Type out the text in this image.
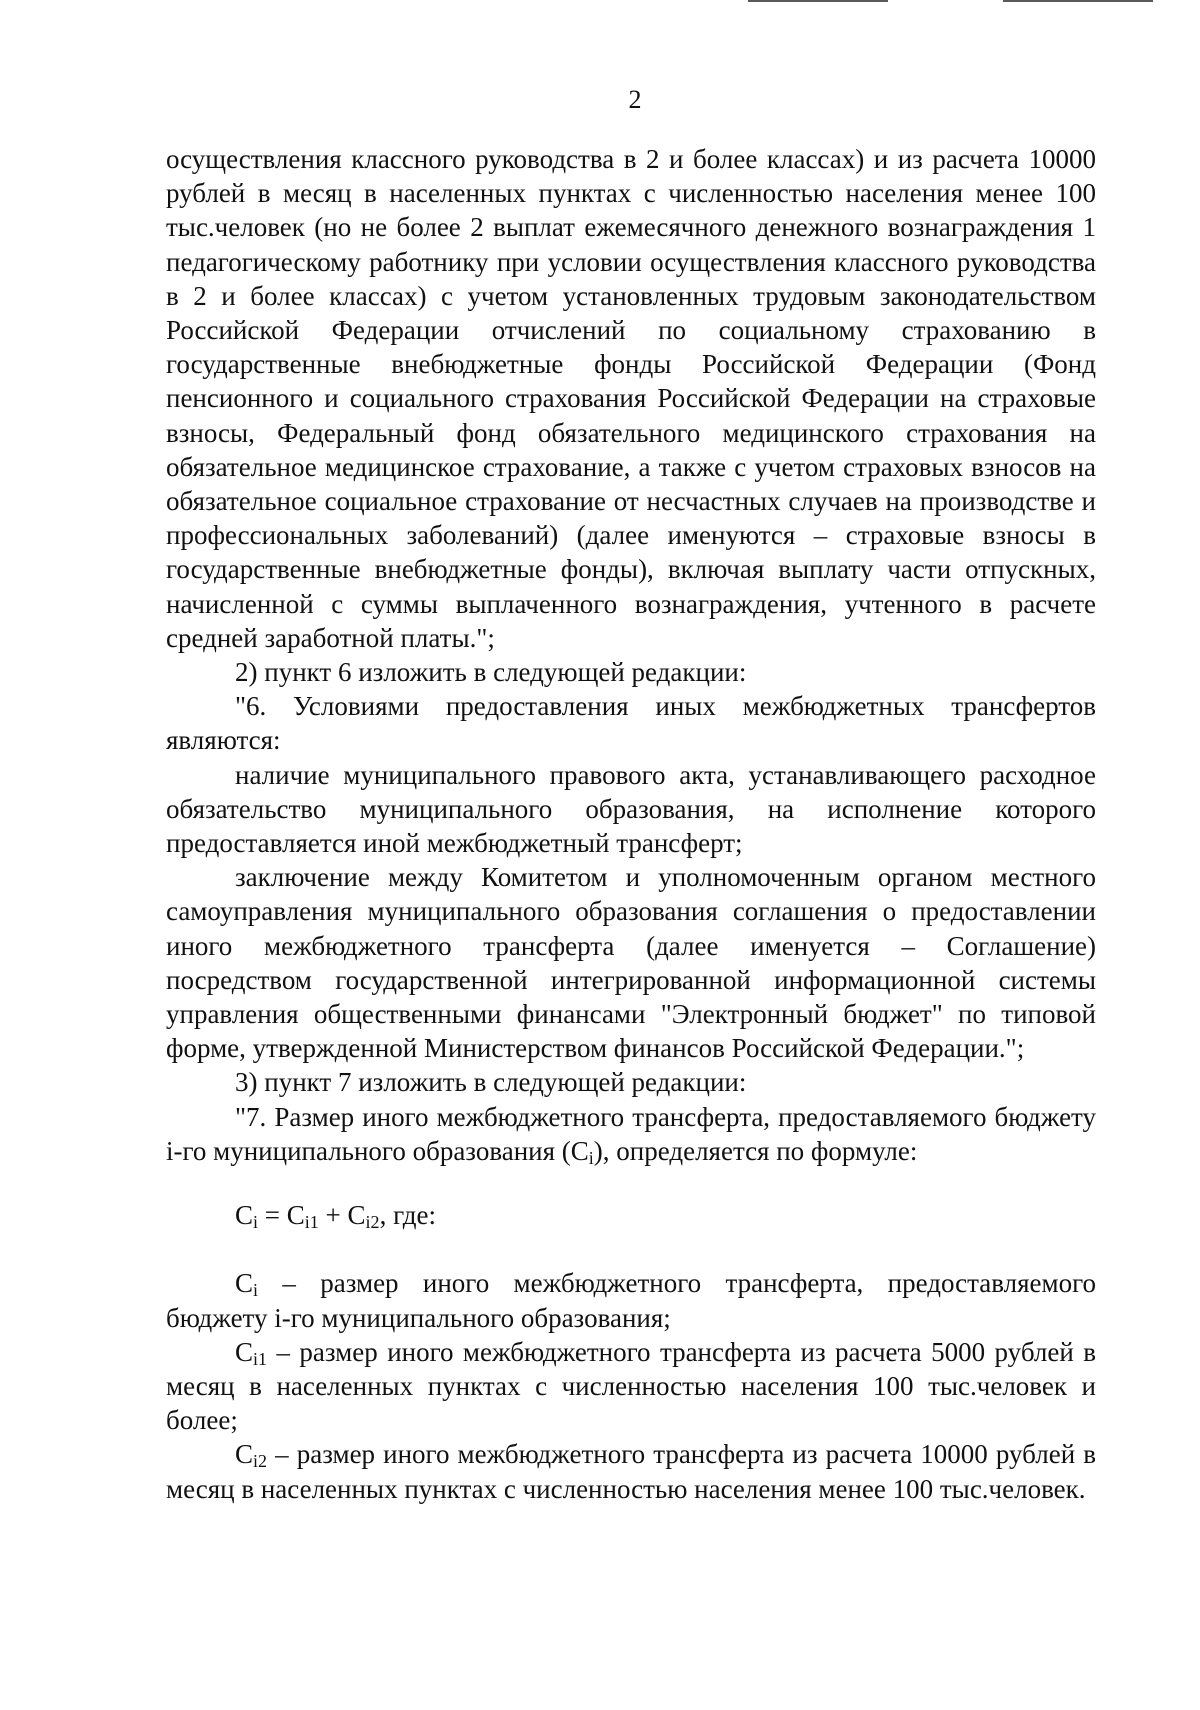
2

осуществления классного руководства в 2 и более классах) и из расчета 10000 рублей в месяц в населенных пунктах с численностью населения менее 100 тыс.человек (но не более 2 выплат ежемесячного денежного вознаграждения 1 педагогическому работнику при условии осуществления классного руководства в 2 и более классах) с учетом установленных трудовым законодательством Российской Федерации отчислений по социальному страхованию в государственные внебюджетные фонды Российской Федерации (Фонд пенсионного и социального страхования Российской Федерации на страховые взносы, Федеральный фонд обязательного медицинского страхования на обязательное медицинское страхование, а также с учетом страховых взносов на обязательное социальное страхование от несчастных случаев на производстве и профессиональных заболеваний) (далее именуются – страховые взносы в государственные внебюджетные фонды), включая выплату части отпускных, начисленной с суммы выплаченного вознаграждения, учтенного в расчете средней заработной платы.";

2) пункт 6 изложить в следующей редакции:

"6. Условиями предоставления иных межбюджетных трансфертов являются:

наличие муниципального правового акта, устанавливающего расходное обязательство муниципального образования, на исполнение которого предоставляется иной межбюджетный трансферт;

заключение между Комитетом и уполномоченным органом местного самоуправления муниципального образования соглашения о предоставлении иного межбюджетного трансферта (далее именуется – Соглашение) посредством государственной интегрированной информационной системы управления общественными финансами "Электронный бюджет" по типовой форме, утвержденной Министерством финансов Российской Федерации.";

3) пункт 7 изложить в следующей редакции:

"7. Размер иного межбюджетного трансферта, предоставляемого бюджету i-го муниципального образования $(C_i)$, определяется по формуле:

$C_i = C_{i1} + C_{i2}$, где:

$C_i$ – размер иного межбюджетного трансферта, предоставляемого бюджету i-го муниципального образования;

$C_{i1}$ – размер иного межбюджетного трансферта из расчета 5000 рублей в месяц в населенных пунктах с численностью населения 100 тыс.человек и более;

$C_{i2}$ – размер иного межбюджетного трансферта из расчета 10000 рублей в месяц в населенных пунктах с численностью населения менее 100 тыс.человек.
